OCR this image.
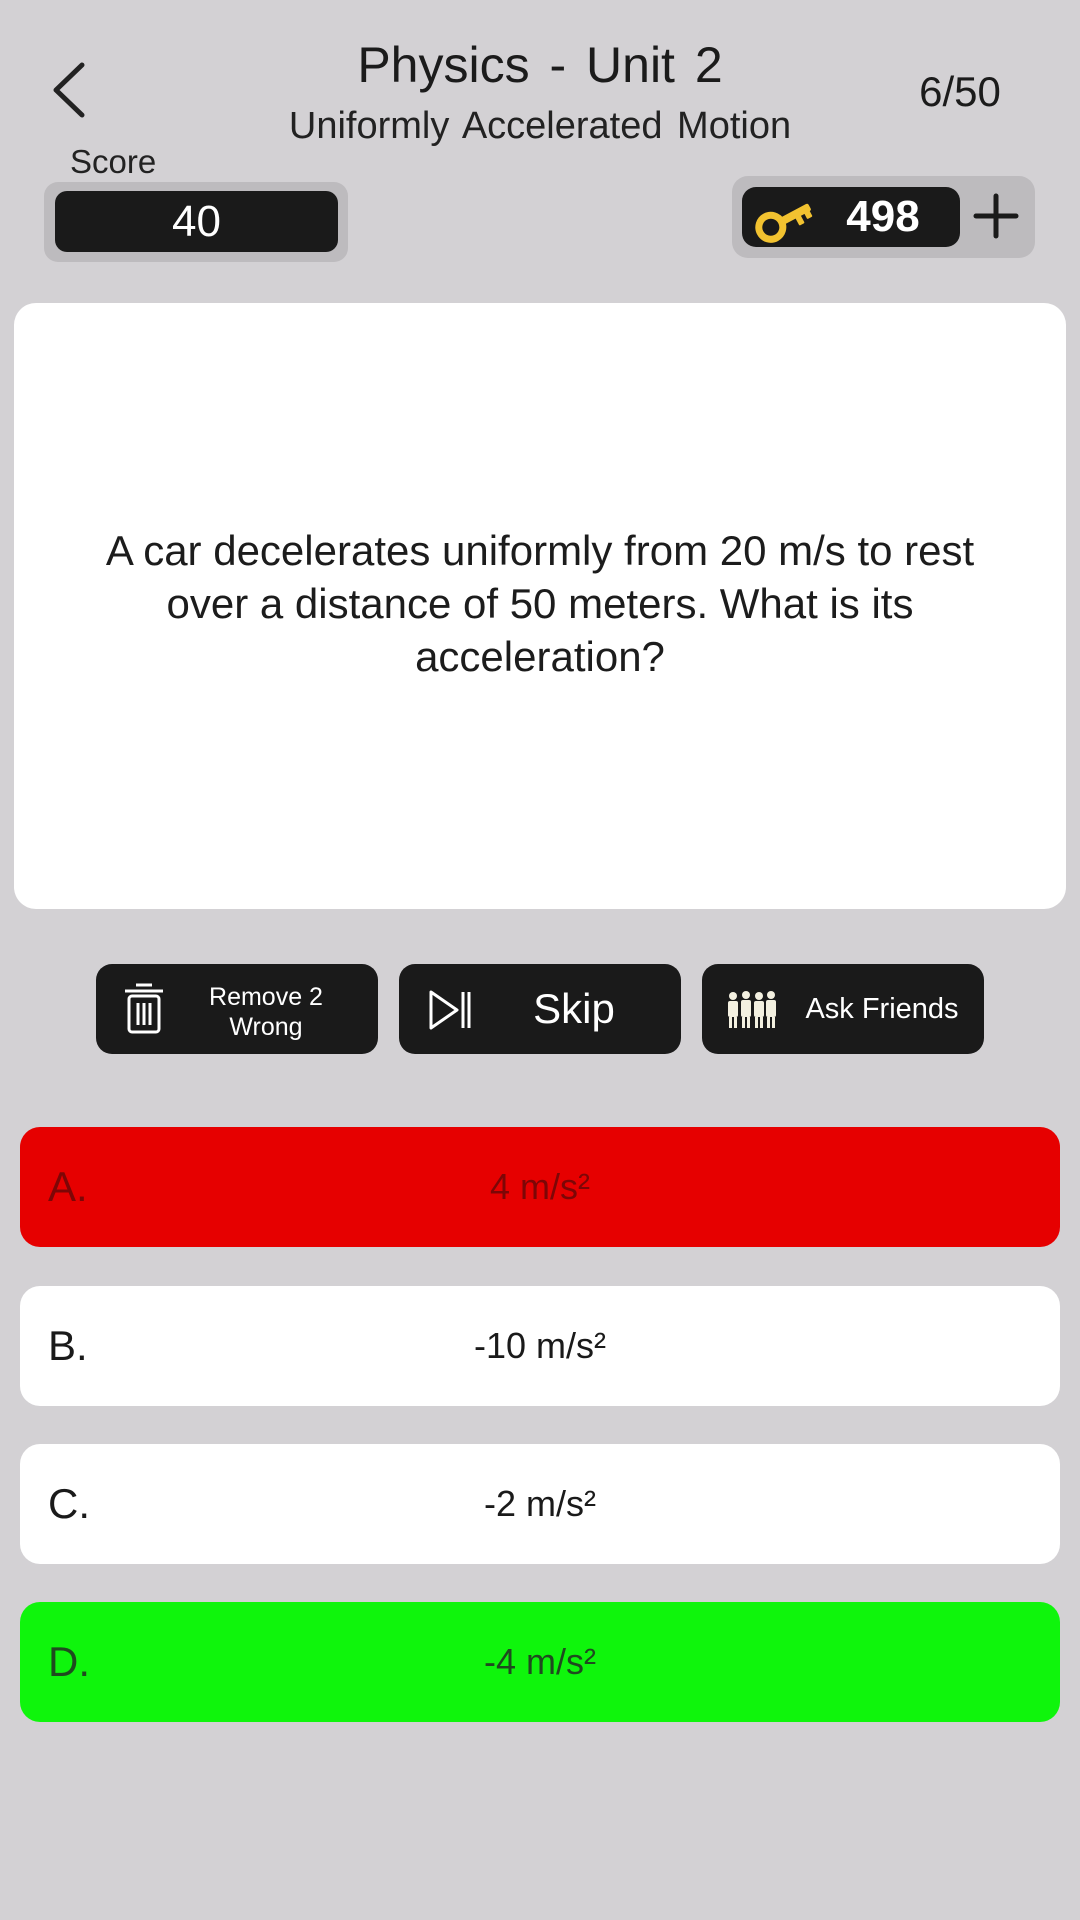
Physics - Unit 2
Uniformly Accelerated Motion
6/50
Score
40	498
A car decelerates uniformly from 20 m/s to rest over a distance of 50 meters. What is its acceleration?
Remove 2
Wrong	Skip	Ask Friends
A.	4 m/s²
B.	-10 m/s²
C.	-2 m/s²
D.	-4 m/s²
